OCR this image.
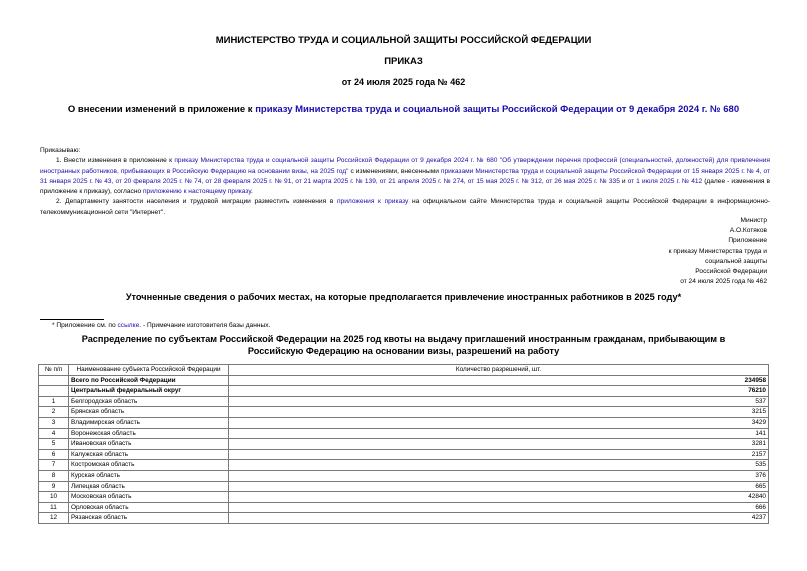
МИНИСТЕРСТВО ТРУДА И СОЦИАЛЬНОЙ ЗАЩИТЫ РОССИЙСКОЙ ФЕДЕРАЦИИ
ПРИКАЗ
от 24 июля 2025 года № 462
О внесении изменений в приложение к приказу Министерства труда и социальной защиты Российской Федерации от 9 декабря 2024 г. № 680
Приказываю:
1. Внести изменения в приложение к приказу Министерства труда и социальной защиты Российской Федерации от 9 декабря 2024 г. № 680 "Об утверждении перечня профессий (специальностей, должностей) для привлечения иностранных работников, прибывающих в Российскую Федерацию на основании визы, на 2025 год" с изменениями, внесенными приказами Министерства труда и социальной защиты Российской Федерации от 15 января 2025 г. № 4, от 31 января 2025 г. № 43, от 20 февраля 2025 г. № 74, от 28 февраля 2025 г. № 91, от 21 марта 2025 г. № 139, от 21 апреля 2025 г. № 274, от 15 мая 2025 г. № 312, от 26 мая 2025 г. № 335 и от 1 июля 2025 г. № 412 (далее - изменения в приложение к приказу), согласно приложению к настоящему приказу.
2. Департаменту занятости населения и трудовой миграции разместить изменения в приложения к приказу на официальном сайте Министерства труда и социальной защиты Российской Федерации в информационно-телекоммуникационной сети "Интернет".
Министр
А.О.Котяков
Приложение
к приказу Министерства труда и
социальной защиты
Российской Федерации
от 24 июля 2025 года № 462
Уточненные сведения о рабочих местах, на которые предполагается привлечение иностранных работников в 2025 году*
* Приложение см. по ссылке. - Примечание изготовителя базы данных.
Распределение по субъектам Российской Федерации на 2025 год квоты на выдачу приглашений иностранным гражданам, прибывающим в Российскую Федерацию на основании визы, разрешений на работу
№ п/п	Наименование субъекта Российской Федерации	Количество разрешений, шт.
	Всего по Российской Федерации	234958
	Центральный федеральный округ	76210
1	Белгородская область	537
2	Брянская область	3215
3	Владимирская область	3429
4	Воронежская область	141
5	Ивановская область	3281
6	Калужская область	2157
7	Костромская область	535
8	Курская область	376
9	Липецкая область	665
10	Московская область	42840
11	Орловская область	666
12	Рязанская область	4237
